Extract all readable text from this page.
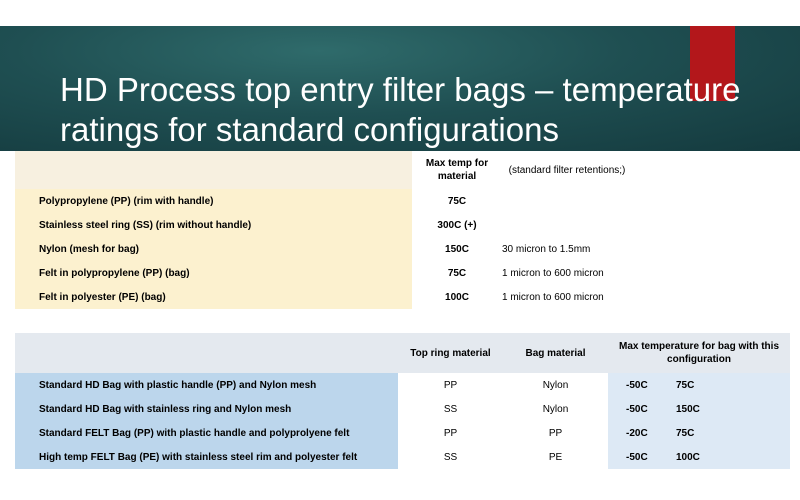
HD Process top entry filter bags – temperature
ratings for standard configurations
	Max temp for material	(standard filter retentions;)	
Polypropylene (PP) (rim with handle)	75C		
Stainless steel ring (SS) (rim without handle)	300C (+)		
Nylon (mesh for bag)	150C	30 micron to 1.5mm	
Felt in polypropylene (PP) (bag)	75C	1 micron to 600 micron	
Felt in polyester (PE) (bag)	100C	1 micron to 600 micron	
	Top ring material	Bag material	Max temperature for bag with this configuration	
Standard HD Bag with plastic handle (PP) and Nylon mesh	PP	Nylon	-50C	75C
Standard HD Bag with stainless ring and Nylon mesh	SS	Nylon	-50C	150C
Standard FELT Bag (PP) with plastic handle and polyprolyene felt	PP	PP	-20C	75C
High temp FELT Bag (PE) with stainless steel rim and polyester felt	SS	PE	-50C	100C
